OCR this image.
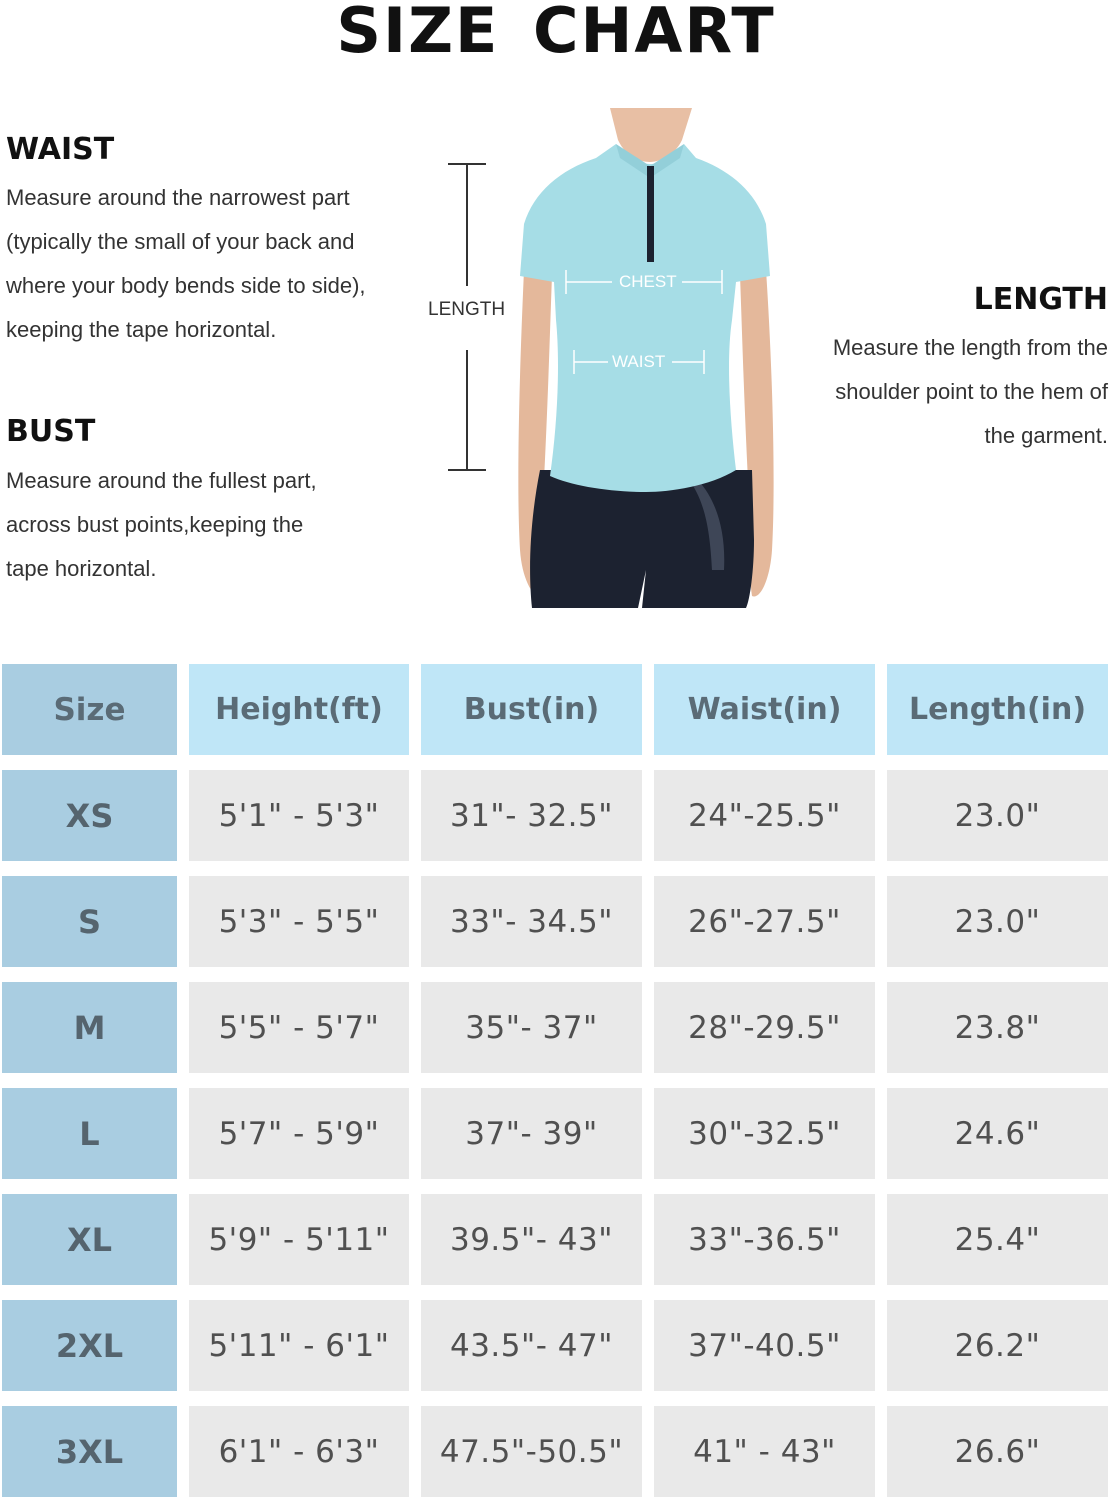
SIZE CHART
WAIST
Measure around the narrowest part
(typically the small of your back and
where your body bends side to side),
keeping the tape horizontal.
BUST
Measure around the fullest part,
across bust points,keeping the
tape horizontal.
LENGTH
Measure the length from the
shoulder point to the hem of
the garment.
LENGTH
CHEST
WAIST
Size	Height(ft)	Bust(in)	Waist(in)	Length(in)
XS	5'1" - 5'3"	31"- 32.5"	24"-25.5"	23.0"
S	5'3" - 5'5"	33"- 34.5"	26"-27.5"	23.0"
M	5'5" - 5'7"	35"- 37"	28"-29.5"	23.8"
L	5'7" - 5'9"	37"- 39"	30"-32.5"	24.6"
XL	5'9" - 5'11"	39.5"- 43"	33"-36.5"	25.4"
2XL	5'11" - 6'1"	43.5"- 47"	37"-40.5"	26.2"
3XL	6'1" - 6'3"	47.5"-50.5"	41" - 43"	26.6"
